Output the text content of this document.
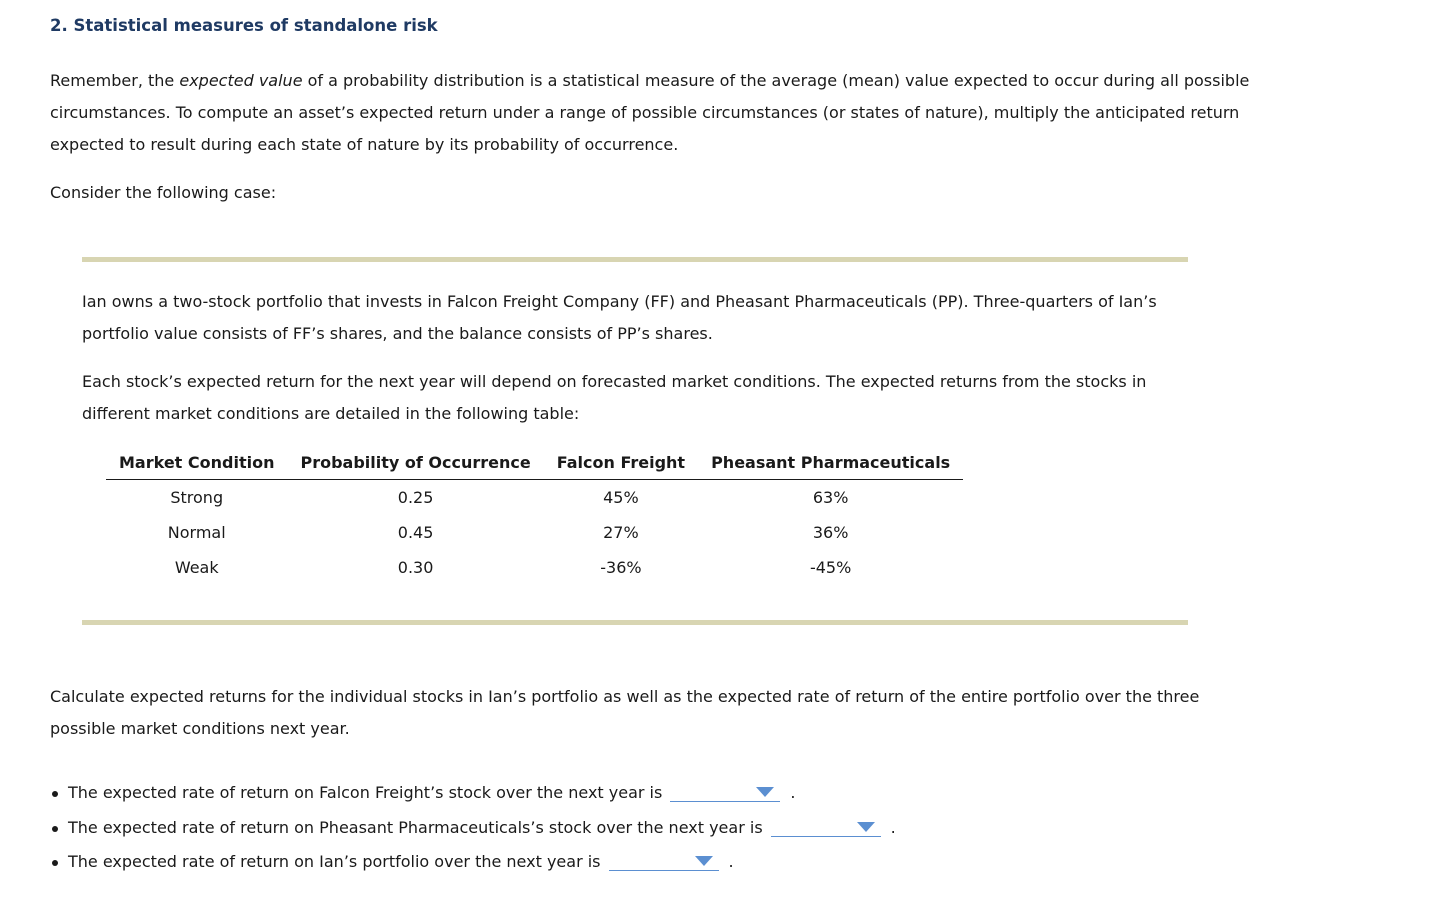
2. Statistical measures of standalone risk

Remember, the expected value of a probability distribution is a statistical measure of the average (mean) value expected to occur during all possible circumstances. To compute an asset’s expected return under a range of possible circumstances (or states of nature), multiply the anticipated return expected to result during each state of nature by its probability of occurrence.

Consider the following case:

Ian owns a two-stock portfolio that invests in Falcon Freight Company (FF) and Pheasant Pharmaceuticals (PP). Three-quarters of Ian’s portfolio value consists of FF’s shares, and the balance consists of PP’s shares.

Each stock’s expected return for the next year will depend on forecasted market conditions. The expected returns from the stocks in different market conditions are detailed in the following table:

Market Condition	Probability of Occurrence	Falcon Freight	Pheasant Pharmaceuticals
Strong	0.25	45%	63%
Normal	0.45	27%	36%
Weak	0.30	-36%	-45%

Calculate expected returns for the individual stocks in Ian’s portfolio as well as the expected rate of return of the entire portfolio over the three possible market conditions next year.

The expected rate of return on Falcon Freight’s stock over the next year is	.
The expected rate of return on Pheasant Pharmaceuticals’s stock over the next year is	.
The expected rate of return on Ian’s portfolio over the next year is	.
